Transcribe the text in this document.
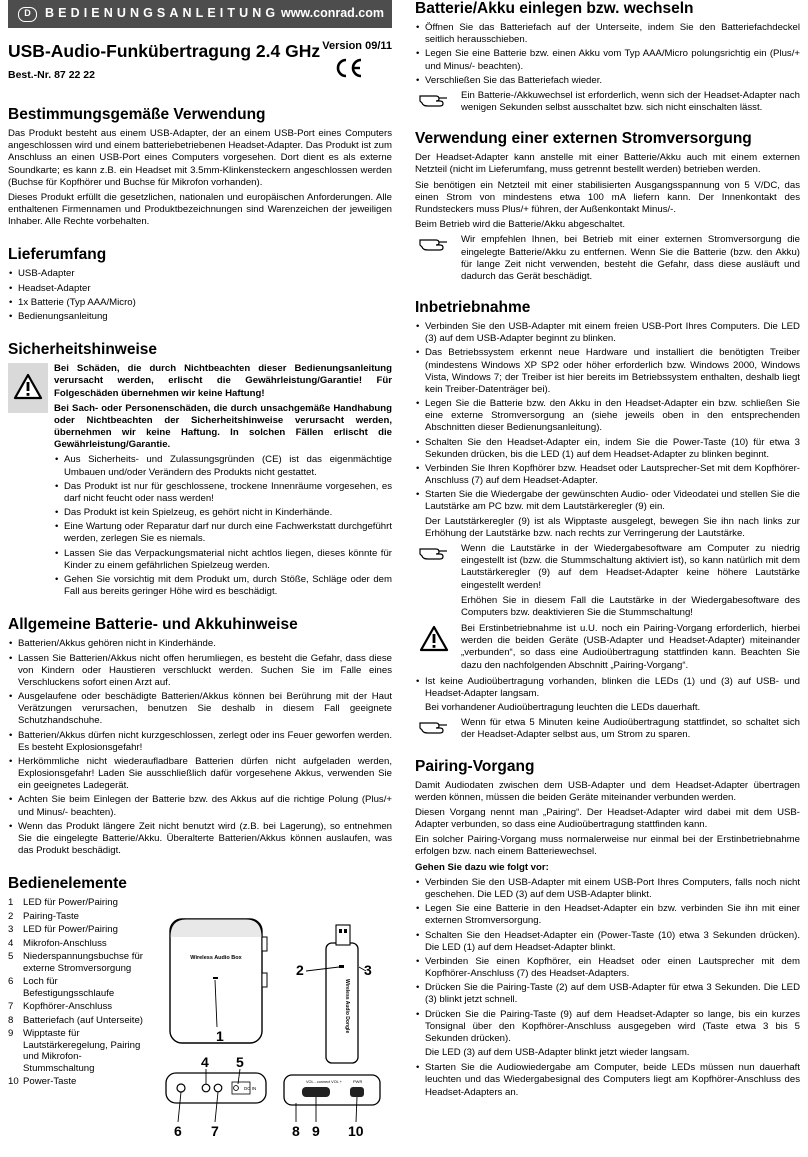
D	BEDIENUNGSANLEITUNG www.conrad.com
USB-Audio-Funkübertragung 2.4 GHz
Best.-Nr. 87 22 22
Version 09/11
Bestimmungsgemäße Verwendung

Das Produkt besteht aus einem USB-Adapter, der an einem USB-Port eines Computers angeschlossen wird und einem batteriebetriebenen Headset-Adapter. Das Produkt ist zum Anschluss an einen USB-Port eines Computers vorgesehen. Dort dient es als externe Soundkarte; es kann z.B. ein Headset mit 3.5mm-Klinkensteckern angeschlossen werden (Buchse für Kopfhörer und Buchse für Mikrofon vorhanden).

Dieses Produkt erfüllt die gesetzlichen, nationalen und europäischen Anforderungen. Alle enthaltenen Firmennamen und Produktbezeichnungen sind Warenzeichen der jeweiligen Inhaber. Alle Rechte vorbehalten.

Lieferumfang
• USB-Adapter
• Headset-Adapter
• 1x Batterie (Typ AAA/Micro)
• Bedienungsanleitung
Sicherheitshinweise

Bei Schäden, die durch Nichtbeachten dieser Bedienungsanleitung verursacht werden, erlischt die Gewährleistung/Garantie! Für Folgeschäden übernehmen wir keine Haftung!

Bei Sach- oder Personenschäden, die durch unsachgemäße Handhabung oder Nichtbeachten der Sicherheitshinweise verursacht werden, übernehmen wir keine Haftung. In solchen Fällen erlischt die Gewährleistung/Garantie.

• Aus Sicherheits- und Zulassungsgründen (CE) ist das eigenmächtige Umbauen und/oder Verändern des Produkts nicht gestattet.
• Das Produkt ist nur für geschlossene, trockene Innenräume vorgesehen, es darf nicht feucht oder nass werden!
• Das Produkt ist kein Spielzeug, es gehört nicht in Kinderhände.
• Eine Wartung oder Reparatur darf nur durch eine Fachwerkstatt durchgeführt werden, zerlegen Sie es niemals.
• Lassen Sie das Verpackungsmaterial nicht achtlos liegen, dieses könnte für Kinder zu einem gefährlichen Spielzeug werden.
• Gehen Sie vorsichtig mit dem Produkt um, durch Stöße, Schläge oder dem Fall aus bereits geringer Höhe wird es beschädigt.
Allgemeine Batterie- und Akkuhinweise
• Batterien/Akkus gehören nicht in Kinderhände.
• Lassen Sie Batterien/Akkus nicht offen herumliegen, es besteht die Gefahr, dass diese von Kindern oder Haustieren verschluckt werden. Suchen Sie im Falle eines Verschluckens sofort einen Arzt auf.
• Ausgelaufene oder beschädigte Batterien/Akkus können bei Berührung mit der Haut Verätzungen verursachen, benutzen Sie deshalb in diesem Fall geeignete Schutzhandschuhe.
• Batterien/Akkus dürfen nicht kurzgeschlossen, zerlegt oder ins Feuer geworfen werden. Es besteht Explosionsgefahr!
• Herkömmliche nicht wiederaufladbare Batterien dürfen nicht aufgeladen werden, Explosionsgefahr! Laden Sie ausschließlich dafür vorgesehene Akkus, verwenden Sie ein geeignetes Ladegerät.
• Achten Sie beim Einlegen der Batterie bzw. des Akkus auf die richtige Polung (Plus/+ und Minus/- beachten).
• Wenn das Produkt längere Zeit nicht benutzt wird (z.B. bei Lagerung), so entnehmen Sie die eingelegte Batterie/Akku. Überalterte Batterien/Akkus können auslaufen, was das Produkt beschädigt.
Bedienelemente
1	LED für Power/Pairing
2	Pairing-Taste
3	LED für Power/Pairing
4	Mikrofon-Anschluss
5	Niederspannungsbuchse für externe Stromversorgung
6	Loch für Befestigungsschlaufe
7	Kopfhörer-Anschluss
8	Batteriefach (auf Unterseite)
9	Wipptaste für Lautstärkeregelung, Pairing und Mikrofon-Stummschaltung
10 Power-Taste
Wireless Audio Box
DC IN
Wireless Audio Dongle
VOL - connect VOL +	PWR
1
2	3
4 5
6 7	8 9 10
Batterie/Akku einlegen bzw. wechseln
• Öffnen Sie das Batteriefach auf der Unterseite, indem Sie den Batteriefachdeckel seitlich herausschieben.
• Legen Sie eine Batterie bzw. einen Akku vom Typ AAA/Micro polungsrichtig ein (Plus/+ und Minus/- beachten).
• Verschließen Sie das Batteriefach wieder.

Ein Batterie-/Akkuwechsel ist erforderlich, wenn sich der Headset-Adapter nach wenigen Sekunden selbst ausschaltet bzw. sich nicht einschalten lässt.

Verwendung einer externen Stromversorgung

Der Headset-Adapter kann anstelle mit einer Batterie/Akku auch mit einem externen Netzteil (nicht im Lieferumfang, muss getrennt bestellt werden) betrieben werden.

Sie benötigen ein Netzteil mit einer stabilisierten Ausgangsspannung von 5 V/DC, das einen Strom von mindestens etwa 100 mA liefern kann. Der Innenkontakt des Rundsteckers muss Plus/+ führen, der Außenkontakt Minus/-.

Beim Betrieb wird die Batterie/Akku abgeschaltet.

Wir empfehlen Ihnen, bei Betrieb mit einer externen Stromversorgung die eingelegte Batterie/Akku zu entfernen. Wenn Sie die Batterie (bzw. den Akku) für lange Zeit nicht verwenden, besteht die Gefahr, dass diese ausläuft und dadurch das Gerät beschädigt.

Inbetriebnahme
• Verbinden Sie den USB-Adapter mit einem freien USB-Port Ihres Computers. Die LED (3) auf dem USB-Adapter beginnt zu blinken.
• Das Betriebssystem erkennt neue Hardware und installiert die benötigten Treiber (mindestens Windows XP SP2 oder höher erforderlich bzw. Windows 2000, Windows Vista, Windows 7; der Treiber ist hier bereits im Betriebssystem enthalten, deshalb liegt kein Treiber-Datenträger bei).
• Legen Sie die Batterie bzw. den Akku in den Headset-Adapter ein bzw. schließen Sie eine externe Stromversorgung an (siehe jeweils oben in den entsprechenden Abschnitten dieser Bedienungsanleitung).
• Schalten Sie den Headset-Adapter ein, indem Sie die Power-Taste (10) für etwa 3 Sekunden drücken, bis die LED (1) auf dem Headset-Adapter zu blinken beginnt.
• Verbinden Sie Ihren Kopfhörer bzw. Headset oder Lautsprecher-Set mit dem Kopfhörer-Anschluss (7) auf dem Headset-Adapter.
• Starten Sie die Wiedergabe der gewünschten Audio- oder Videodatei und stellen Sie die Lautstärke am PC bzw. mit dem Lautstärkeregler (9) ein.

Der Lautstärkeregler (9) ist als Wipptaste ausgelegt, bewegen Sie ihn nach links zur Erhöhung der Lautstärke bzw. nach rechts zur Verringerung der Lautstärke.

Wenn die Lautstärke in der Wiedergabesoftware am Computer zu niedrig eingestellt ist (bzw. die Stummschaltung aktiviert ist), so kann natürlich mit dem Lautstärkeregler (9) auf dem Headset-Adapter keine höhere Lautstärke eingestellt werden!

Erhöhen Sie in diesem Fall die Lautstärke in der Wiedergabesoftware des Computers bzw. deaktivieren Sie die Stummschaltung!

Bei Erstinbetriebnahme ist u.U. noch ein Pairing-Vorgang erforderlich, hierbei werden die beiden Geräte (USB-Adapter und Headset-Adapter) miteinander „verbunden“, so dass eine Audioübertragung stattfinden kann. Beachten Sie dazu den nachfolgenden Abschnitt „Pairing-Vorgang“.

• Ist keine Audioübertragung vorhanden, blinken die LEDs (1) und (3) auf USB- und Headset-Adapter langsam.

Bei vorhandener Audioübertragung leuchten die LEDs dauerhaft.

Wenn für etwa 5 Minuten keine Audioübertragung stattfindet, so schaltet sich der Headset-Adapter selbst aus, um Strom zu sparen.

Pairing-Vorgang

Damit Audiodaten zwischen dem USB-Adapter und dem Headset-Adapter übertragen werden können, müssen die beiden Geräte miteinander verbunden werden.

Diesen Vorgang nennt man „Pairing“. Der Headset-Adapter wird dabei mit dem USB-Adapter verbunden, so dass eine Audioübertragung stattfinden kann.

Ein solcher Pairing-Vorgang muss normalerweise nur einmal bei der Erstinbetriebnahme erfolgen bzw. nach einem Batteriewechsel.

Gehen Sie dazu wie folgt vor:

• Verbinden Sie den USB-Adapter mit einem USB-Port Ihres Computers, falls noch nicht geschehen. Die LED (3) auf dem USB-Adapter blinkt.
• Legen Sie eine Batterie in den Headset-Adapter ein bzw. verbinden Sie ihn mit einer externen Stromversorgung.
• Schalten Sie den Headset-Adapter ein (Power-Taste (10) etwa 3 Sekunden drücken). Die LED (1) auf dem Headset-Adapter blinkt.
• Verbinden Sie einen Kopfhörer, ein Headset oder einen Lautsprecher mit dem Kopfhörer-Anschluss (7) des Headset-Adapters.
• Drücken Sie die Pairing-Taste (2) auf dem USB-Adapter für etwa 3 Sekunden. Die LED (3) blinkt jetzt schnell.
• Drücken Sie die Pairing-Taste (9) auf dem Headset-Adapter so lange, bis ein kurzes Tonsignal über den Kopfhörer-Anschluss ausgegeben wird (Taste etwa 3 bis 5 Sekunden drücken).

Die LED (3) auf dem USB-Adapter blinkt jetzt wieder langsam.

• Starten Sie die Audiowiedergabe am Computer, beide LEDs müssen nun dauerhaft leuchten und das Wiedergabesignal des Computers liegt am Kopfhörer-Anschluss des Headset-Adapters an.
